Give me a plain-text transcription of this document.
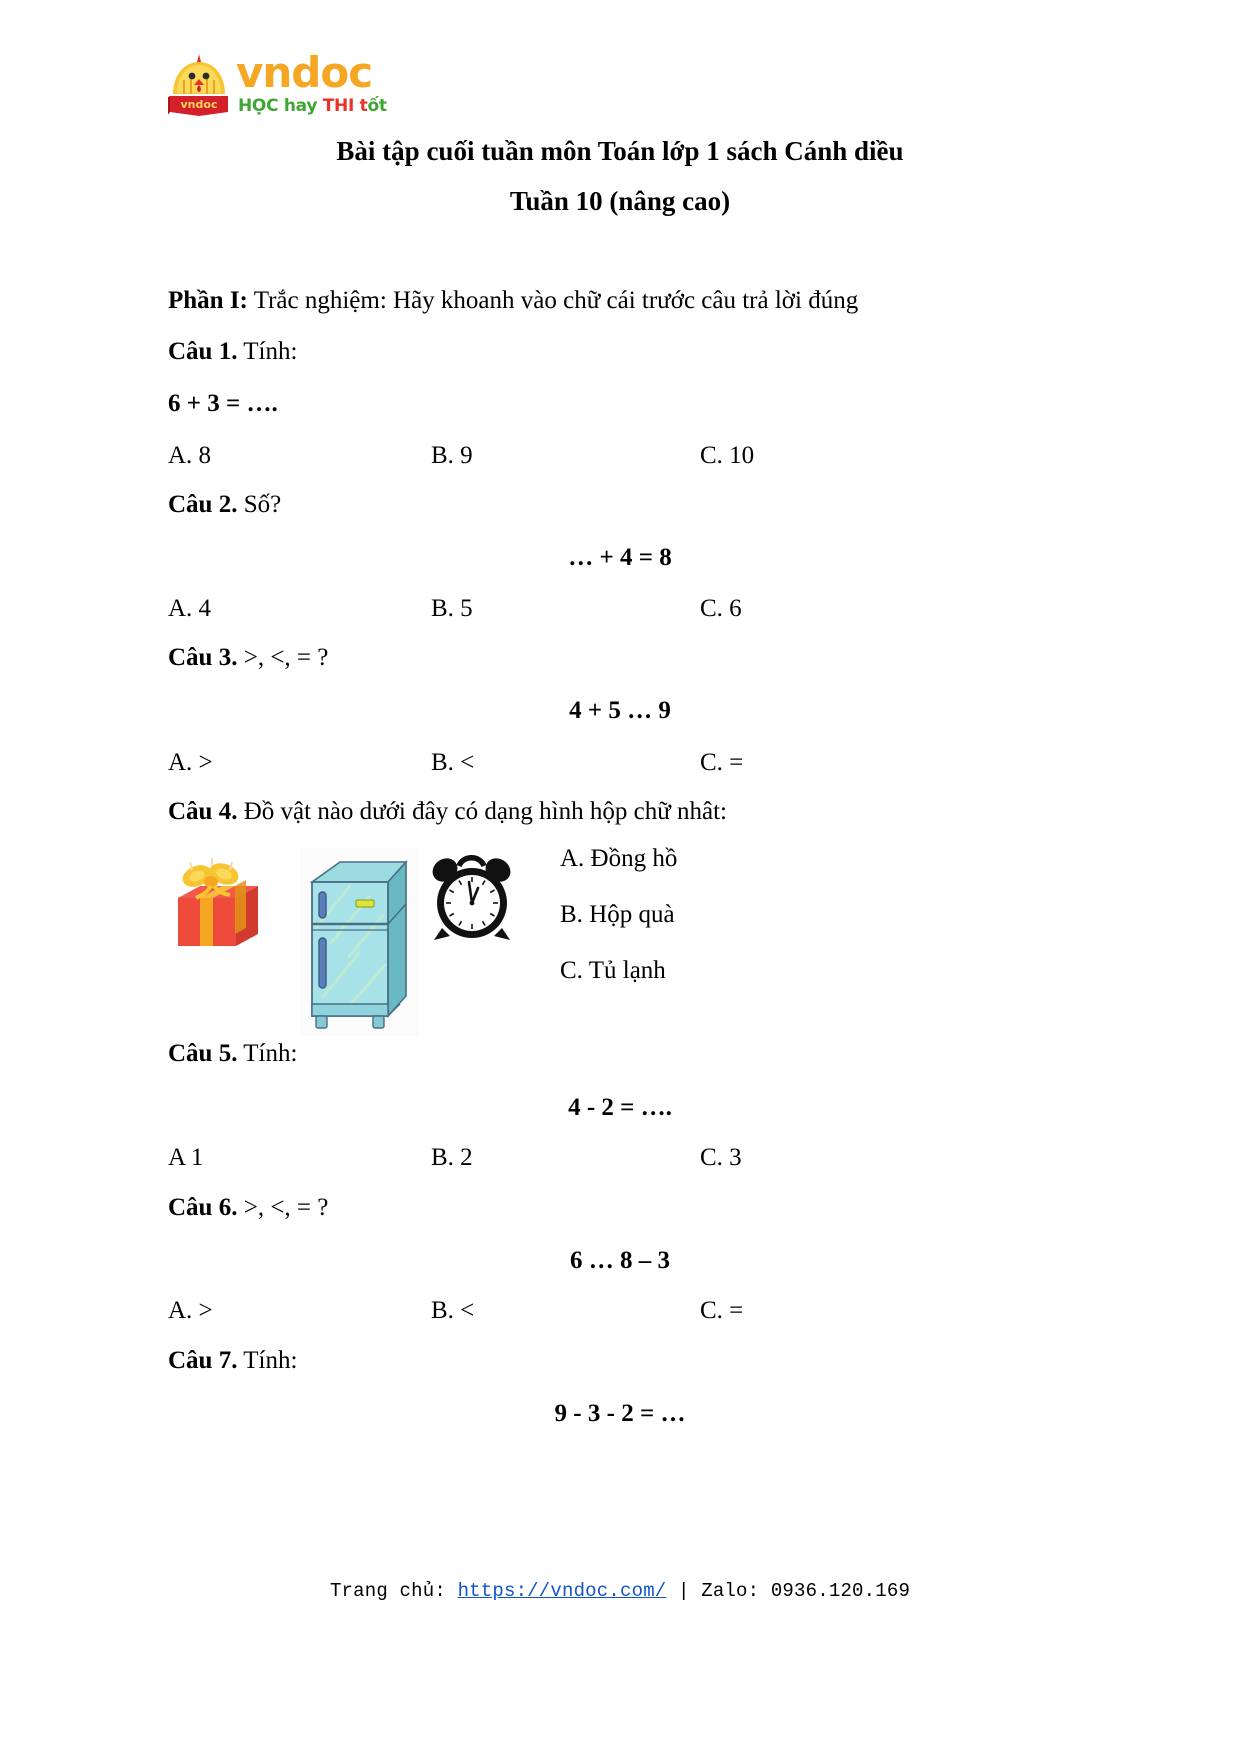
vndoc
vndoc
HỌC hay THI tốt
Bài tập cuối tuần môn Toán lớp 1 sách Cánh diều
Tuần 10 (nâng cao)
Phần I: Trắc nghiệm: Hãy khoanh vào chữ cái trước câu trả lời đúng
Câu 1. Tính:
6 + 3 = ….
A. 8	B. 9	C. 10
Câu 2. Số?
… + 4 = 8
A. 4	B. 5	C. 6
Câu 3. >, <, = ?
4 + 5 … 9
A. >	B. <	C. =
Câu 4. Đồ vật nào dưới đây có dạng hình hộp chữ nhât:
A. Đồng hồ
B. Hộp quà
C. Tủ lạnh
Câu 5. Tính:
4 - 2 = ….
A 1	B. 2	C. 3
Câu 6. >, <, = ?
6 … 8 – 3
A. >	B. <	C. =
Câu 7. Tính:
9 - 3 - 2 = …
Trang chủ: https://vndoc.com/ | Zalo: 0936.120.169
